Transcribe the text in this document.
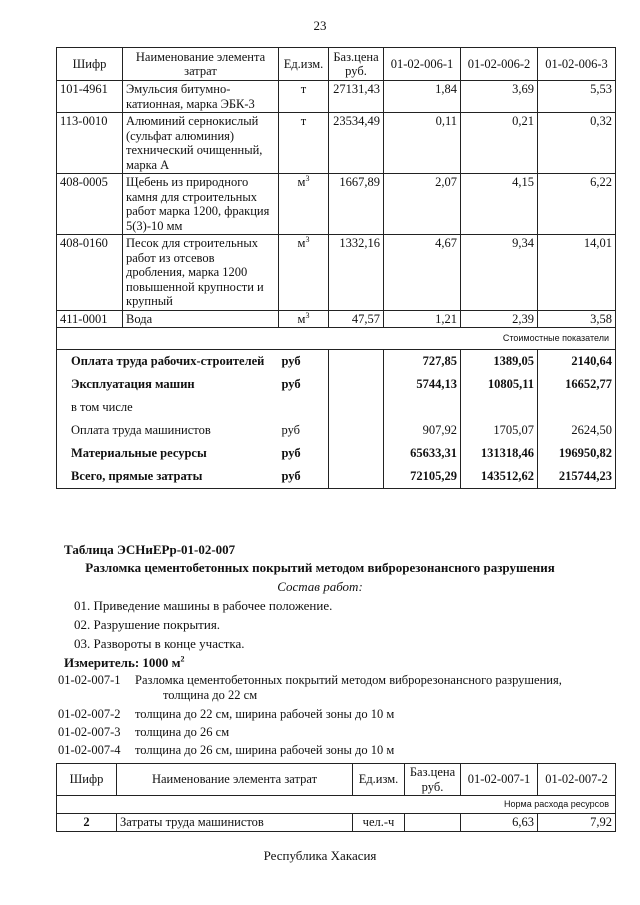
23
Шифр	Наименование элемента затрат	Ед.изм.	Баз.цена руб.	01-02-006-1	01-02-006-2	01-02-006-3
101-4961	Эмульсия битумно-катионная, марка ЭБК-3	т	27131,43	1,84	3,69	5,53
113-0010	Алюминий сернокислый (сульфат алюминия) технический очищенный, марка А	т	23534,49	0,11	0,21	0,32
408-0005	Щебень из природного камня для строительных работ марка 1200, фракция 5(3)-10 мм	$м^3$	1667,89	2,07	4,15	6,22
408-0160	Песок для строительных работ из отсевов дробления, марка 1200 повышенной крупности и крупный	$м^3$	1332,16	4,67	9,34	14,01
411-0001	Вода	$м^3$	47,57	1,21	2,39	3,58
Стоимостные показатели						
Оплата труда рабочих-строителей		руб		727,85	1389,05	2140,64
Эксплуатация машин		руб		5744,13	10805,11	16652,77
в том числе						
Оплата труда машинистов		руб		907,92	1705,07	2624,50
Материальные ресурсы		руб		65633,31	131318,46	196950,82
Всего, прямые затраты		руб		72105,29	143512,62	215744,23
Таблица ЭСНиЕРр-01-02-007
Разломка цементобетонных покрытий методом виброрезонансного разрушения
Состав работ:
01. Приведение машины в рабочее положение.
02. Разрушение покрытия.
03. Развороты в конце участка.
Измеритель: 1000 $м^2$
01-02-007-1	Разломка цементобетонных покрытий методом виброрезонансного разрушения,
толщина до 22 см
01-02-007-2	толщина до 22 см, ширина рабочей зоны до 10 м
01-02-007-3	толщина до 26 см
01-02-007-4	толщина до 26 см, ширина рабочей зоны до 10 м
Шифр	Наименование элемента затрат	Ед.изм.	Баз.цена руб.	01-02-007-1	01-02-007-2
Норма расхода ресурсов					
2	Затраты труда машинистов	чел.-ч		6,63	7,92
Республика Хакасия
